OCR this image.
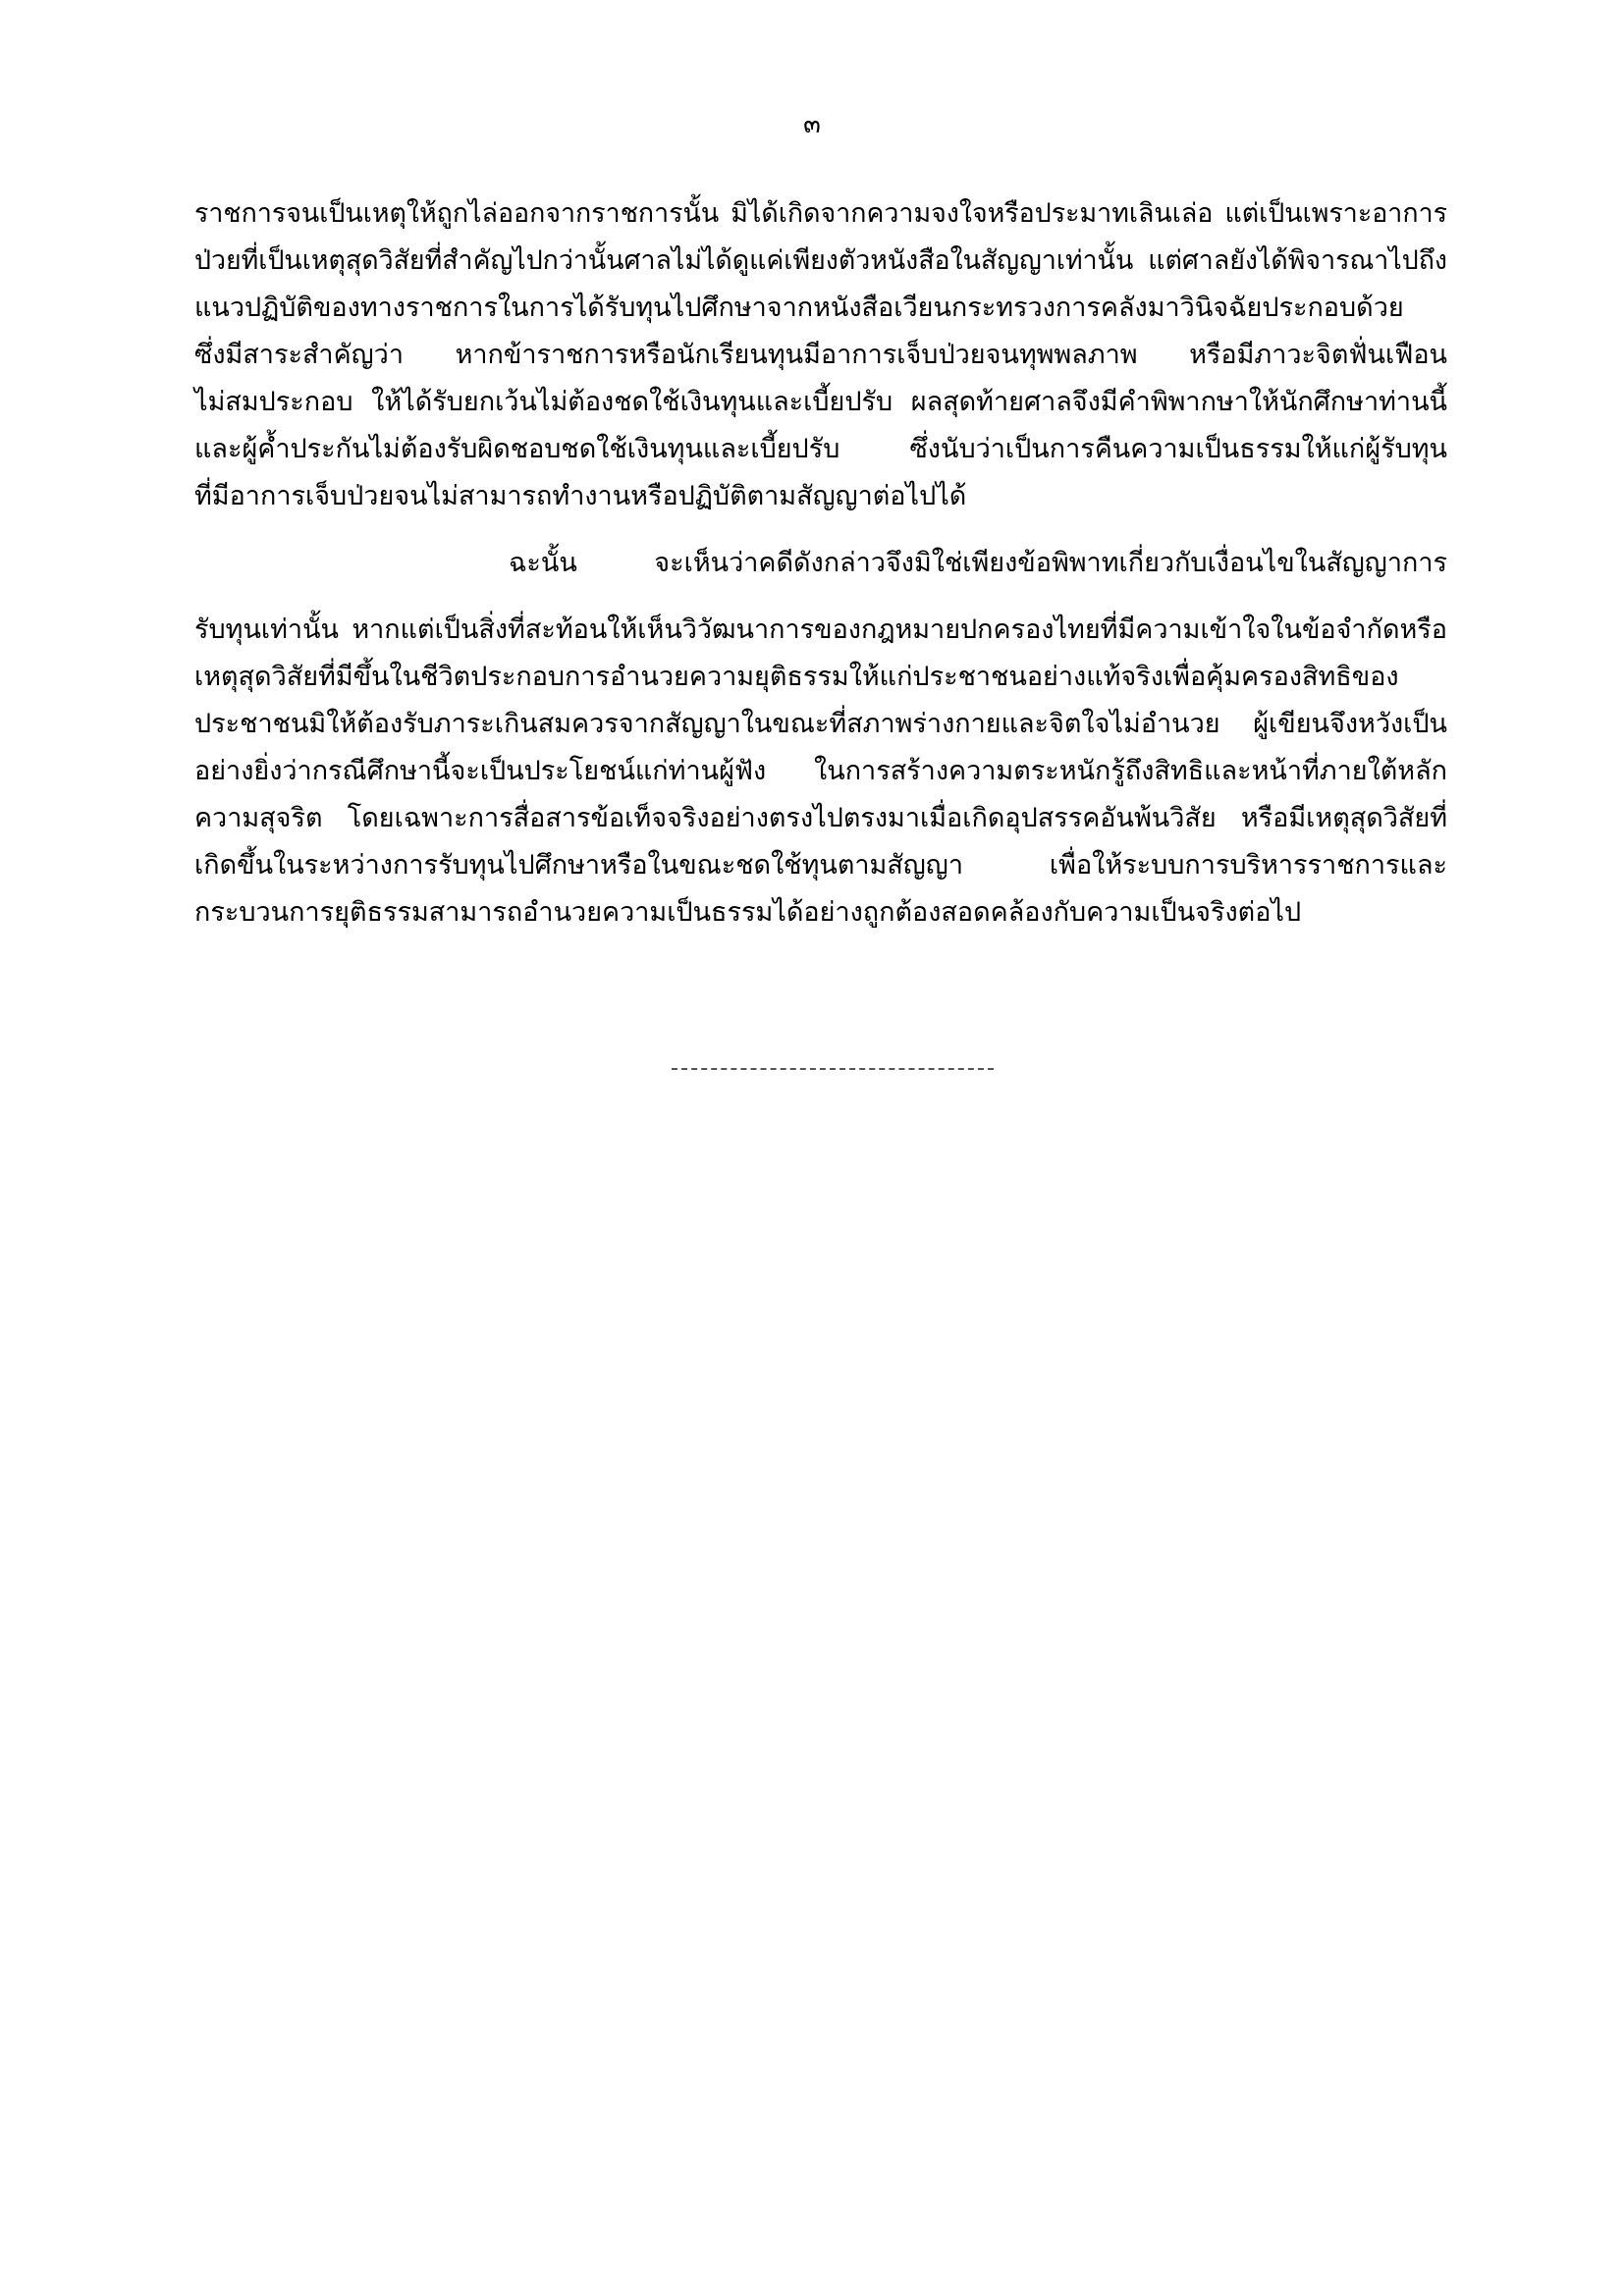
๓
ราชการจนเป็นเหตุให้ถูกไล่ออกจากราชการนั้น มิได้เกิดจากความจงใจหรือประมาทเลินเล่อ แต่เป็นเพราะอาการ
ป่วยที่เป็นเหตุสุดวิสัยที่สำคัญไปกว่านั้นศาลไม่ได้ดูแค่เพียงตัวหนังสือในสัญญาเท่านั้น แต่ศาลยังได้พิจารณาไปถึง
แนวปฏิบัติของทางราชการในการได้รับทุนไปศึกษาจากหนังสือเวียนกระทรวงการคลังมาวินิจฉัยประกอบด้วย
ซึ่งมีสาระสำคัญว่า หากข้าราชการหรือนักเรียนทุนมีอาการเจ็บป่วยจนทุพพลภาพ หรือมีภาวะจิตฟั่นเฟือน
ไม่สมประกอบ ให้ได้รับยกเว้นไม่ต้องชดใช้เงินทุนและเบี้ยปรับ ผลสุดท้ายศาลจึงมีคำพิพากษาให้นักศึกษาท่านนี้
และผู้ค้ำประกันไม่ต้องรับผิดชอบชดใช้เงินทุนและเบี้ยปรับ ซึ่งนับว่าเป็นการคืนความเป็นธรรมให้แก่ผู้รับทุน
ที่มีอาการเจ็บป่วยจนไม่สามารถทำงานหรือปฏิบัติตามสัญญาต่อไปได้
ฉะนั้น จะเห็นว่าคดีดังกล่าวจึงมิใช่เพียงข้อพิพาทเกี่ยวกับเงื่อนไขในสัญญาการ
รับทุนเท่านั้น หากแต่เป็นสิ่งที่สะท้อนให้เห็นวิวัฒนาการของกฎหมายปกครองไทยที่มีความเข้าใจในข้อจำกัดหรือ
เหตุสุดวิสัยที่มีขึ้นในชีวิตประกอบการอำนวยความยุติธรรมให้แก่ประชาชนอย่างแท้จริงเพื่อคุ้มครองสิทธิของ
ประชาชนมิให้ต้องรับภาระเกินสมควรจากสัญญาในขณะที่สภาพร่างกายและจิตใจไม่อำนวย ผู้เขียนจึงหวังเป็น
อย่างยิ่งว่ากรณีศึกษานี้จะเป็นประโยชน์แก่ท่านผู้ฟัง ในการสร้างความตระหนักรู้ถึงสิทธิและหน้าที่ภายใต้หลัก
ความสุจริต โดยเฉพาะการสื่อสารข้อเท็จจริงอย่างตรงไปตรงมาเมื่อเกิดอุปสรรคอันพ้นวิสัย หรือมีเหตุสุดวิสัยที่
เกิดขึ้นในระหว่างการรับทุนไปศึกษาหรือในขณะชดใช้ทุนตามสัญญา เพื่อให้ระบบการบริหารราชการและ
กระบวนการยุติธรรมสามารถอำนวยความเป็นธรรมได้อย่างถูกต้องสอดคล้องกับความเป็นจริงต่อไป
